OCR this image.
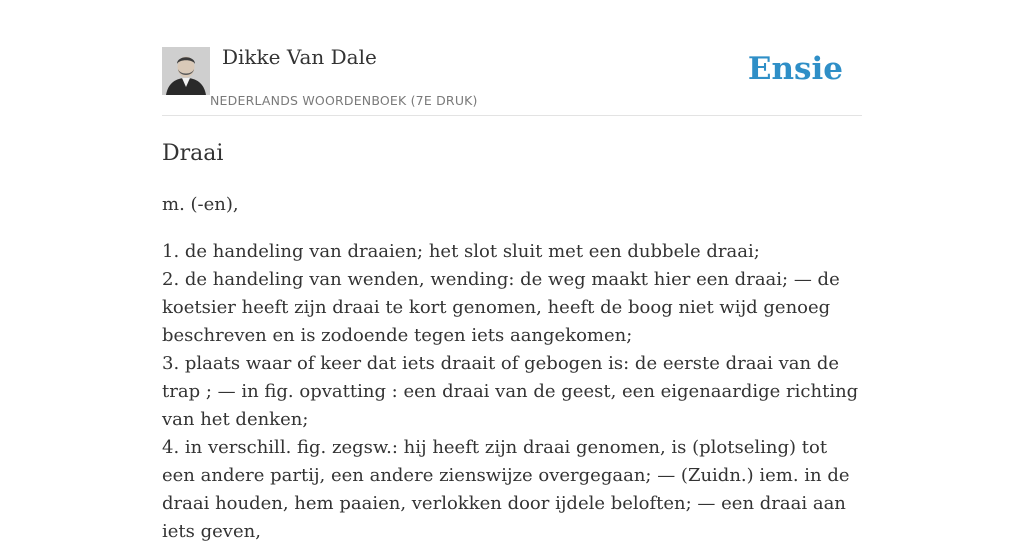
Dikke Van Dale
NEDERLANDS WOORDENBOEK (7E DRUK)
Ensie
Draai

m. (-en),

1. de handeling van draaien; het slot sluit met een dubbele draai;
2. de handeling van wenden, wending: de weg maakt hier een draai; — de koetsier heeft zijn draai te kort genomen, heeft de boog niet wijd genoeg beschreven en is zodoende tegen iets aangekomen;
3. plaats waar of keer dat iets draait of gebogen is: de eerste draai van de trap ; — in fig. opvatting : een draai van de geest, een eigenaardige richting van het denken;
4. in verschill. fig. zegsw.: hij heeft zijn draai genomen, is (plotseling) tot een andere partij, een andere zienswijze overgegaan; — (Zuidn.) iem. in de draai houden, hem paaien, verlokken door ijdele beloften; — een draai aan iets geven,
